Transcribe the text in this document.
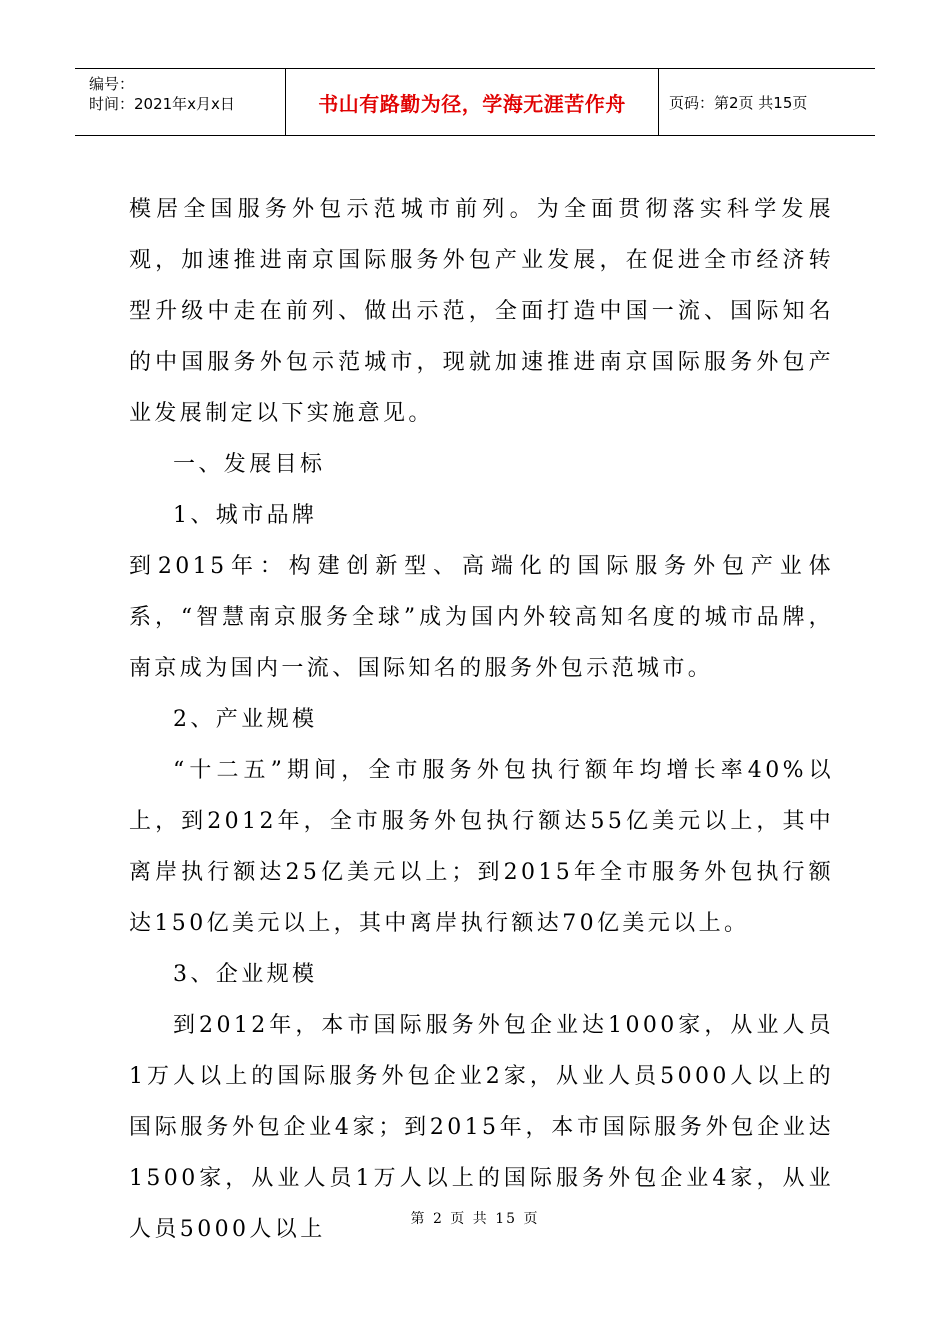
编号：
时间：2021年x月x日	书山有路勤为径，学海无涯苦作舟	页码：第2页 共15页

模居全国服务外包示范城市前列。为全面贯彻落实科学发展观，加速推进南京国际服务外包产业发展，在促进全市经济转型升级中走在前列、做出示范，全面打造中国一流、国际知名的中国服务外包示范城市，现就加速推进南京国际服务外包产业发展制定以下实施意见。

一、发展目标

1、城市品牌

到2015年：构建创新型、高端化的国际服务外包产业体系，“智慧南京服务全球”成为国内外较高知名度的城市品牌，南京成为国内一流、国际知名的服务外包示范城市。

2、产业规模

“十二五”期间，全市服务外包执行额年均增长率40%以上，到2012年，全市服务外包执行额达55亿美元以上，其中离岸执行额达25亿美元以上；到2015年全市服务外包执行额达150亿美元以上，其中离岸执行额达70亿美元以上。

3、企业规模

到2012年，本市国际服务外包企业达1000家，从业人员1万人以上的国际服务外包企业2家，从业人员5000人以上的国际服务外包企业4家；到2015年，本市国际服务外包企业达1500家，从业人员1万人以上的国际服务外包企业4家，从业人员5000人以上	第 2 页 共 15 页
